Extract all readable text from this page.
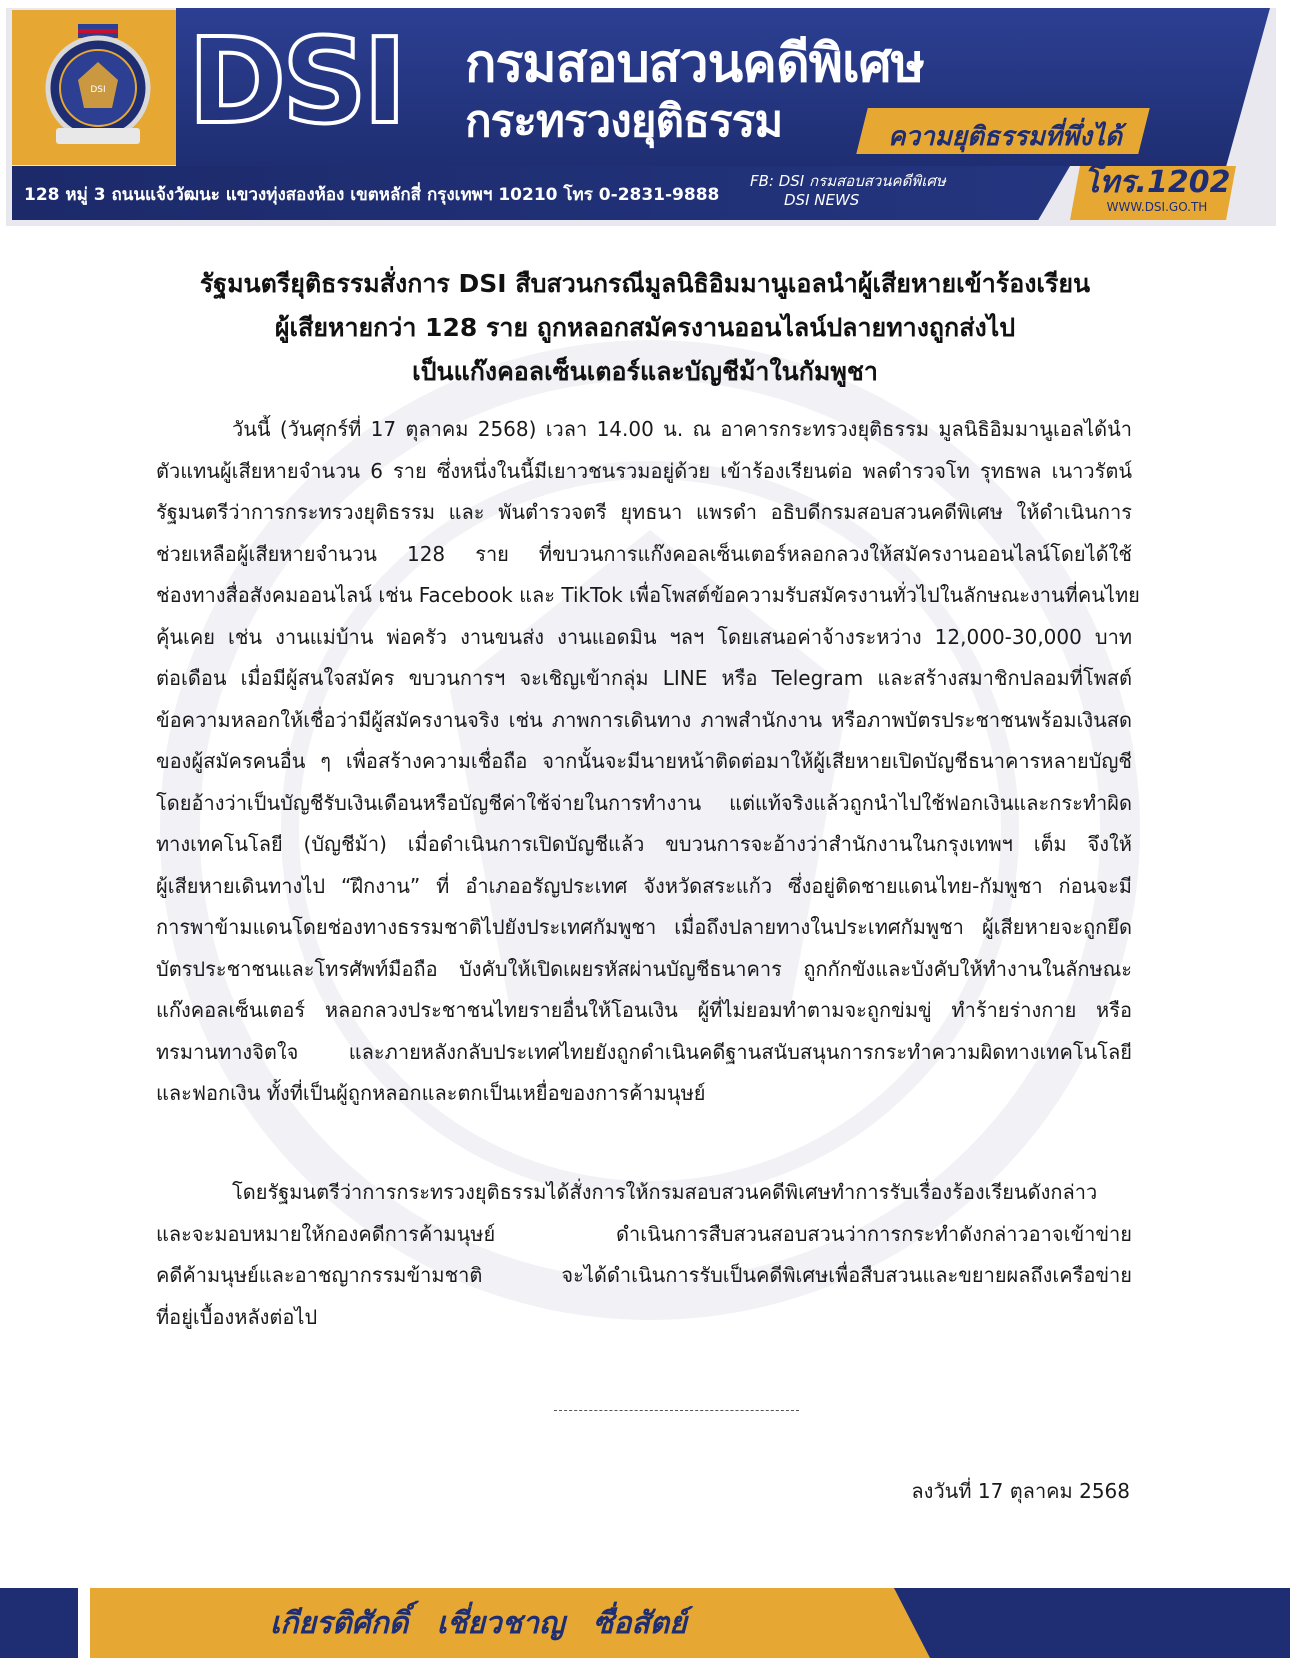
DSI DSI กรมสอบสวนคดีพิเศษ
กระทรวงยุติธรรม	ความยุติธรรมที่พึ่งได้
128 หมู่ 3 ถนนแจ้งวัฒนะ แขวงทุ่งสองห้อง เขตหลักสี่ กรุงเทพฯ 10210 โทร 0-2831-9888
FB: DSI กรมสอบสวนคดีพิเศษ
DSI NEWS	โทร.1202
WWW.DSI.GO.TH
รัฐมนตรียุติธรรมสั่งการ DSI สืบสวนกรณีมูลนิธิอิมมานูเอลนำผู้เสียหายเข้าร้องเรียน
ผู้เสียหายกว่า 128 ราย ถูกหลอกสมัครงานออนไลน์ปลายทางถูกส่งไป
เป็นแก๊งคอลเซ็นเตอร์และบัญชีม้าในกัมพูชา
วันนี้ (วันศุกร์ที่ 17 ตุลาคม 2568) เวลา 14.00 น. ณ อาคารกระทรวงยุติธรรม มูลนิธิอิมมานูเอลได้นำ
ตัวแทนผู้เสียหายจำนวน 6 ราย ซึ่งหนึ่งในนี้มีเยาวชนรวมอยู่ด้วย เข้าร้องเรียนต่อ พลตำรวจโท รุทธพล เนาวรัตน์
รัฐมนตรีว่าการกระทรวงยุติธรรม และ พันตำรวจตรี ยุทธนา แพรดำ อธิบดีกรมสอบสวนคดีพิเศษ ให้ดำเนินการ
ช่วยเหลือผู้เสียหายจำนวน 128 ราย ที่ขบวนการแก๊งคอลเซ็นเตอร์หลอกลวงให้สมัครงานออนไลน์โดยได้ใช้
ช่องทางสื่อสังคมออนไลน์ เช่น Facebook และ TikTok เพื่อโพสต์ข้อความรับสมัครงานทั่วไปในลักษณะงานที่คนไทย
คุ้นเคย เช่น งานแม่บ้าน พ่อครัว งานขนส่ง งานแอดมิน ฯลฯ โดยเสนอค่าจ้างระหว่าง 12,000-30,000 บาท
ต่อเดือน เมื่อมีผู้สนใจสมัคร ขบวนการฯ จะเชิญเข้ากลุ่ม LINE หรือ Telegram และสร้างสมาชิกปลอมที่โพสต์
ข้อความหลอกให้เชื่อว่ามีผู้สมัครงานจริง เช่น ภาพการเดินทาง ภาพสำนักงาน หรือภาพบัตรประชาชนพร้อมเงินสด
ของผู้สมัครคนอื่น ๆ เพื่อสร้างความเชื่อถือ จากนั้นจะมีนายหน้าติดต่อมาให้ผู้เสียหายเปิดบัญชีธนาคารหลายบัญชี
โดยอ้างว่าเป็นบัญชีรับเงินเดือนหรือบัญชีค่าใช้จ่ายในการทำงาน แต่แท้จริงแล้วถูกนำไปใช้ฟอกเงินและกระทำผิด
ทางเทคโนโลยี (บัญชีม้า) เมื่อดำเนินการเปิดบัญชีแล้ว ขบวนการจะอ้างว่าสำนักงานในกรุงเทพฯ เต็ม จึงให้
ผู้เสียหายเดินทางไป “ฝึกงาน” ที่ อำเภออรัญประเทศ จังหวัดสระแก้ว ซึ่งอยู่ติดชายแดนไทย-กัมพูชา ก่อนจะมี
การพาข้ามแดนโดยช่องทางธรรมชาติไปยังประเทศกัมพูชา เมื่อถึงปลายทางในประเทศกัมพูชา ผู้เสียหายจะถูกยึด
บัตรประชาชนและโทรศัพท์มือถือ บังคับให้เปิดเผยรหัสผ่านบัญชีธนาคาร ถูกกักขังและบังคับให้ทำงานในลักษณะ
แก๊งคอลเซ็นเตอร์ หลอกลวงประชาชนไทยรายอื่นให้โอนเงิน ผู้ที่ไม่ยอมทำตามจะถูกข่มขู่ ทำร้ายร่างกาย หรือ
ทรมานทางจิตใจ และภายหลังกลับประเทศไทยยังถูกดำเนินคดีฐานสนับสนุนการกระทำความผิดทางเทคโนโลยี
และฟอกเงิน ทั้งที่เป็นผู้ถูกหลอกและตกเป็นเหยื่อของการค้ามนุษย์
โดยรัฐมนตรีว่าการกระทรวงยุติธรรมได้สั่งการให้กรมสอบสวนคดีพิเศษทำการรับเรื่องร้องเรียนดังกล่าว
และจะมอบหมายให้กองคดีการค้ามนุษย์ ดำเนินการสืบสวนสอบสวนว่าการกระทำดังกล่าวอาจเข้าข่าย
คดีค้ามนุษย์และอาชญากรรมข้ามชาติ จะได้ดำเนินการรับเป็นคดีพิเศษเพื่อสืบสวนและขยายผลถึงเครือข่าย
ที่อยู่เบื้องหลังต่อไป
ลงวันที่ 17 ตุลาคม 2568
เกียรติศักดิ์ เชี่ยวชาญ ซื่อสัตย์
